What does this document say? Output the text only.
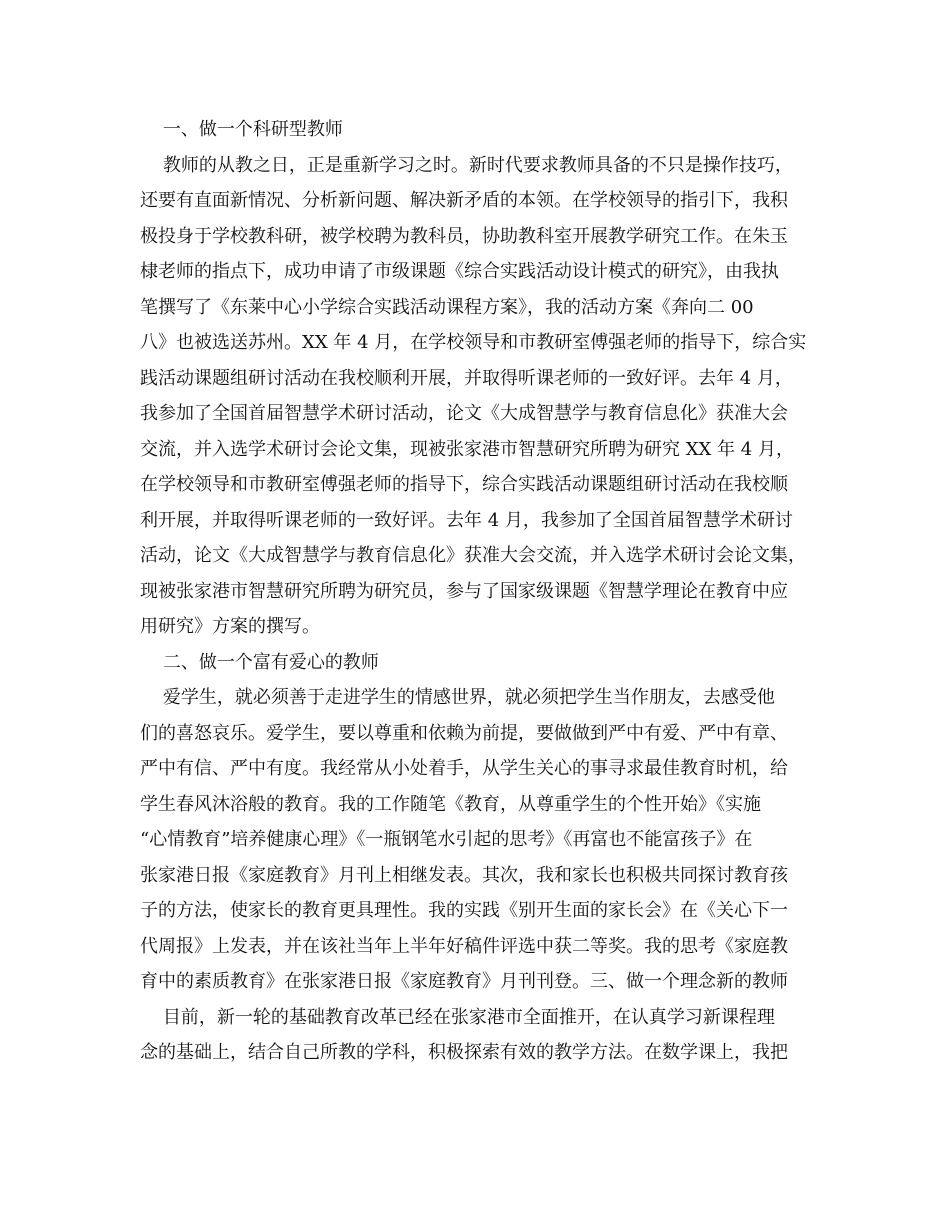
一、做一个科研型教师
教师的从教之日，正是重新学习之时。新时代要求教师具备的不只是操作技巧，
还要有直面新情况、分析新问题、解决新矛盾的本领。在学校领导的指引下，我积
极投身于学校教科研，被学校聘为教科员，协助教科室开展教学研究工作。在朱玉
棣老师的指点下，成功申请了市级课题《综合实践活动设计模式的研究》，由我执
笔撰写了《东莱中心小学综合实践活动课程方案》，我的活动方案《奔向二 00
八》也被选送苏州。XX 年 4 月，在学校领导和市教研室傅强老师的指导下，综合实
践活动课题组研讨活动在我校顺利开展，并取得听课老师的一致好评。去年 4 月，
我参加了全国首届智慧学术研讨活动，论文《大成智慧学与教育信息化》获准大会
交流，并入选学术研讨会论文集，现被张家港市智慧研究所聘为研究 XX 年 4 月，
在学校领导和市教研室傅强老师的指导下，综合实践活动课题组研讨活动在我校顺
利开展，并取得听课老师的一致好评。去年 4 月，我参加了全国首届智慧学术研讨
活动，论文《大成智慧学与教育信息化》获准大会交流，并入选学术研讨会论文集，
现被张家港市智慧研究所聘为研究员，参与了国家级课题《智慧学理论在教育中应
用研究》方案的撰写。
二、做一个富有爱心的教师
爱学生，就必须善于走进学生的情感世界，就必须把学生当作朋友，去感受他
们的喜怒哀乐。爱学生，要以尊重和依赖为前提，要做做到严中有爱、严中有章、
严中有信、严中有度。我经常从小处着手，从学生关心的事寻求最佳教育时机，给
学生春风沐浴般的教育。我的工作随笔《教育，从尊重学生的个性开始》《实施
“心情教育”培养健康心理》《一瓶钢笔水引起的思考》《再富也不能富孩子》在
张家港日报《家庭教育》月刊上相继发表。其次，我和家长也积极共同探讨教育孩
子的方法，使家长的教育更具理性。我的实践《别开生面的家长会》在《关心下一
代周报》上发表，并在该社当年上半年好稿件评选中获二等奖。我的思考《家庭教
育中的素质教育》在张家港日报《家庭教育》月刊刊登。三、做一个理念新的教师
目前，新一轮的基础教育改革已经在张家港市全面推开，在认真学习新课程理
念的基础上，结合自己所教的学科，积极探索有效的教学方法。在数学课上，我把
